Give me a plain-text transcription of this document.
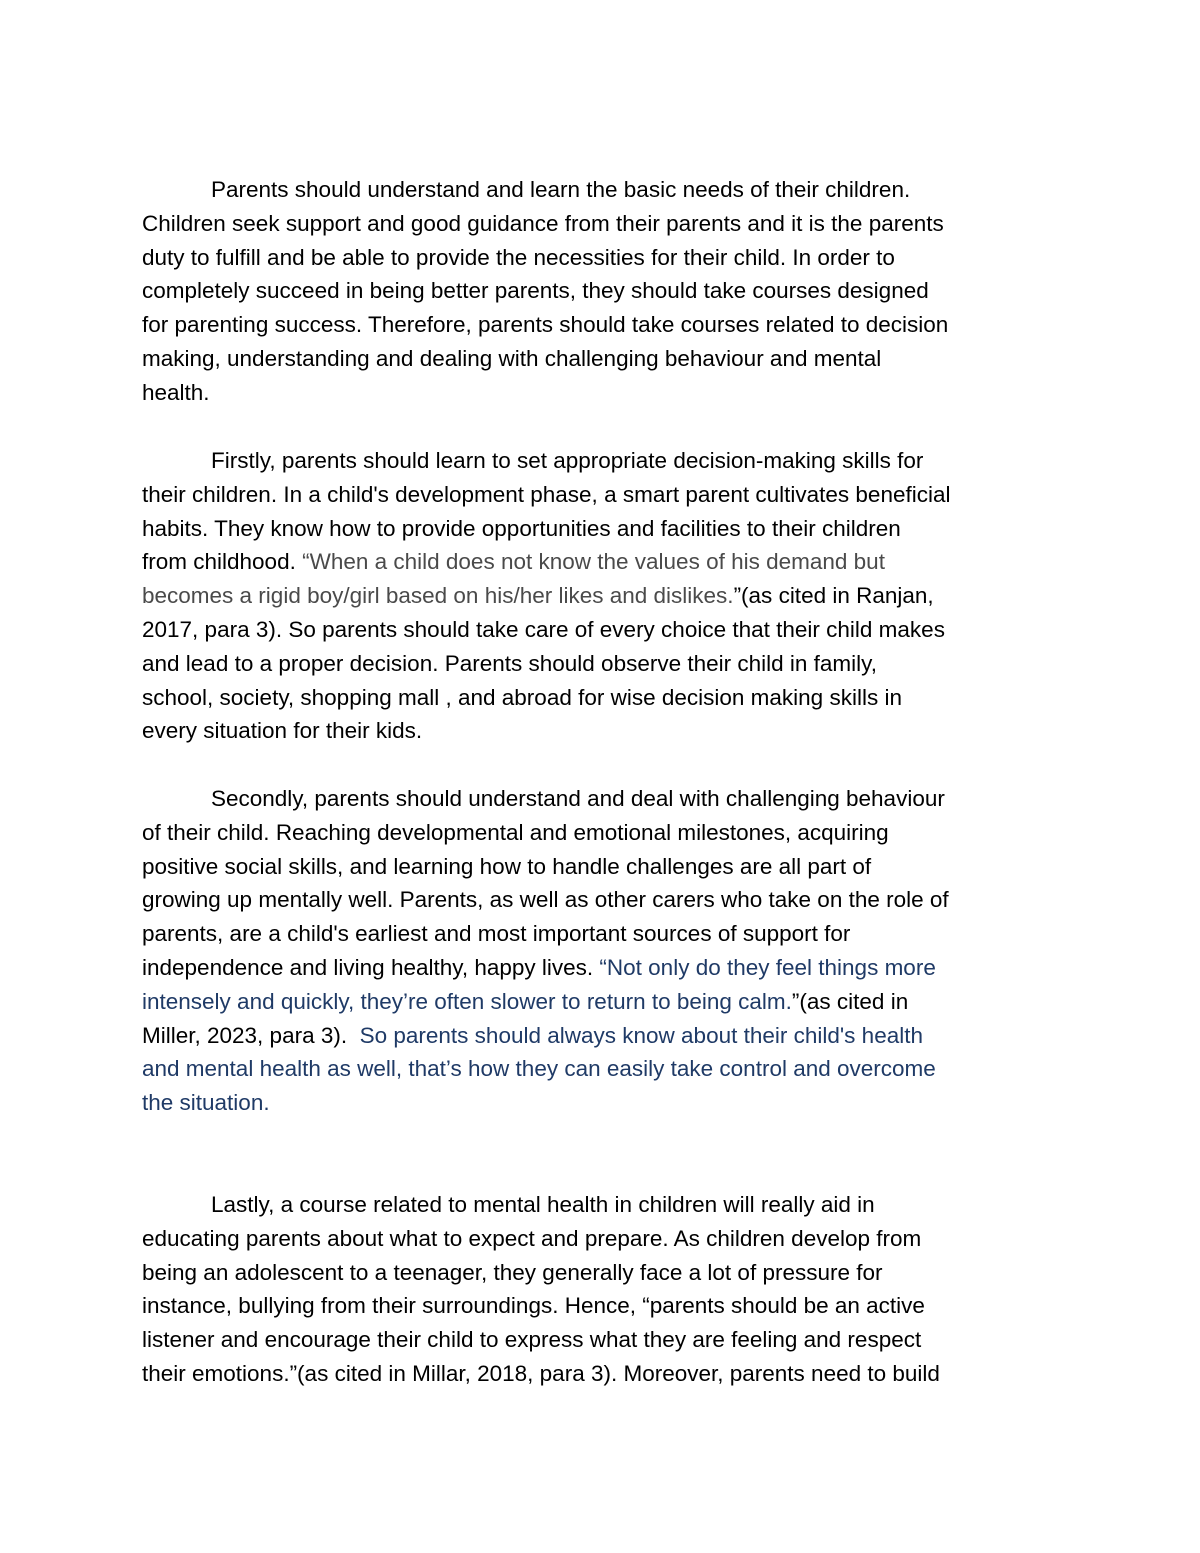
Parents should understand and learn the basic needs of their children.
Children seek support and good guidance from their parents and it is the parents
duty to fulfill and be able to provide the necessities for their child. In order to
completely succeed in being better parents, they should take courses designed
for parenting success. Therefore, parents should take courses related to decision
making, understanding and dealing with challenging behaviour and mental
health.
Firstly, parents should learn to set appropriate decision-making skills for
their children. In a child's development phase, a smart parent cultivates beneficial
habits. They know how to provide opportunities and facilities to their children
from childhood. “When a child does not know the values of his demand but
becomes a rigid boy/girl based on his/her likes and dislikes.”(as cited in Ranjan,
2017, para 3). So parents should take care of every choice that their child makes
and lead to a proper decision. Parents should observe their child in family,
school, society, shopping mall , and abroad for wise decision making skills in
every situation for their kids.
Secondly, parents should understand and deal with challenging behaviour
of their child. Reaching developmental and emotional milestones, acquiring
positive social skills, and learning how to handle challenges are all part of
growing up mentally well. Parents, as well as other carers who take on the role of
parents, are a child's earliest and most important sources of support for
independence and living healthy, happy lives. “Not only do they feel things more
intensely and quickly, they’re often slower to return to being calm.”(as cited in
Miller, 2023, para 3).  So parents should always know about their child's health
and mental health as well, that’s how they can easily take control and overcome
the situation.
Lastly, a course related to mental health in children will really aid in
educating parents about what to expect and prepare. As children develop from
being an adolescent to a teenager, they generally face a lot of pressure for
instance, bullying from their surroundings. Hence, “parents should be an active
listener and encourage their child to express what they are feeling and respect
their emotions.”(as cited in Millar, 2018, para 3). Moreover, parents need to build
